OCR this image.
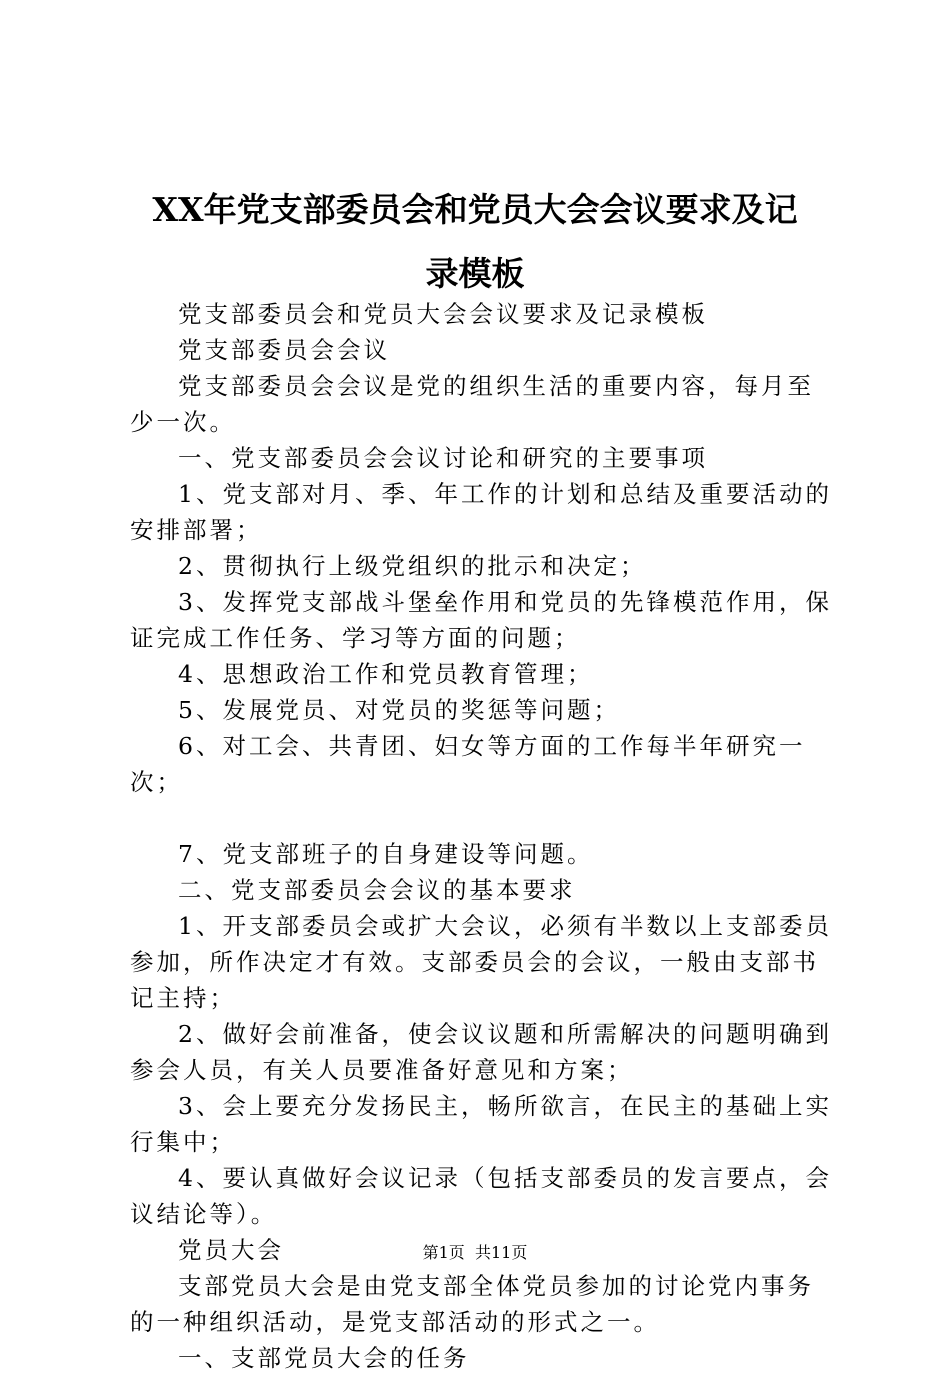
XX年党支部委员会和党员大会会议要求及记
录模板

党支部委员会和党员大会会议要求及记录模板

党支部委员会会议

党支部委员会会议是党的组织生活的重要内容，每月至少一次。

一、党支部委员会会议讨论和研究的主要事项

1、党支部对月、季、年工作的计划和总结及重要活动的安排部署；

2、贯彻执行上级党组织的批示和决定；

3、发挥党支部战斗堡垒作用和党员的先锋模范作用，保证完成工作任务、学习等方面的问题；

4、思想政治工作和党员教育管理；

5、发展党员、对党员的奖惩等问题；

6、对工会、共青团、妇女等方面的工作每半年研究一次；

7、党支部班子的自身建设等问题。

二、党支部委员会会议的基本要求

1、开支部委员会或扩大会议，必须有半数以上支部委员参加，所作决定才有效。支部委员会的会议，一般由支部书记主持；

2、做好会前准备，使会议议题和所需解决的问题明确到参会人员，有关人员要准备好意见和方案；

3、会上要充分发扬民主，畅所欲言，在民主的基础上实行集中；

4、要认真做好会议记录（包括支部委员的发言要点，会议结论等）。

党员大会

支部党员大会是由党支部全体党员参加的讨论党内事务的一种组织活动，是党支部活动的形式之一。

一、支部党员大会的任务

第1页 共11页
